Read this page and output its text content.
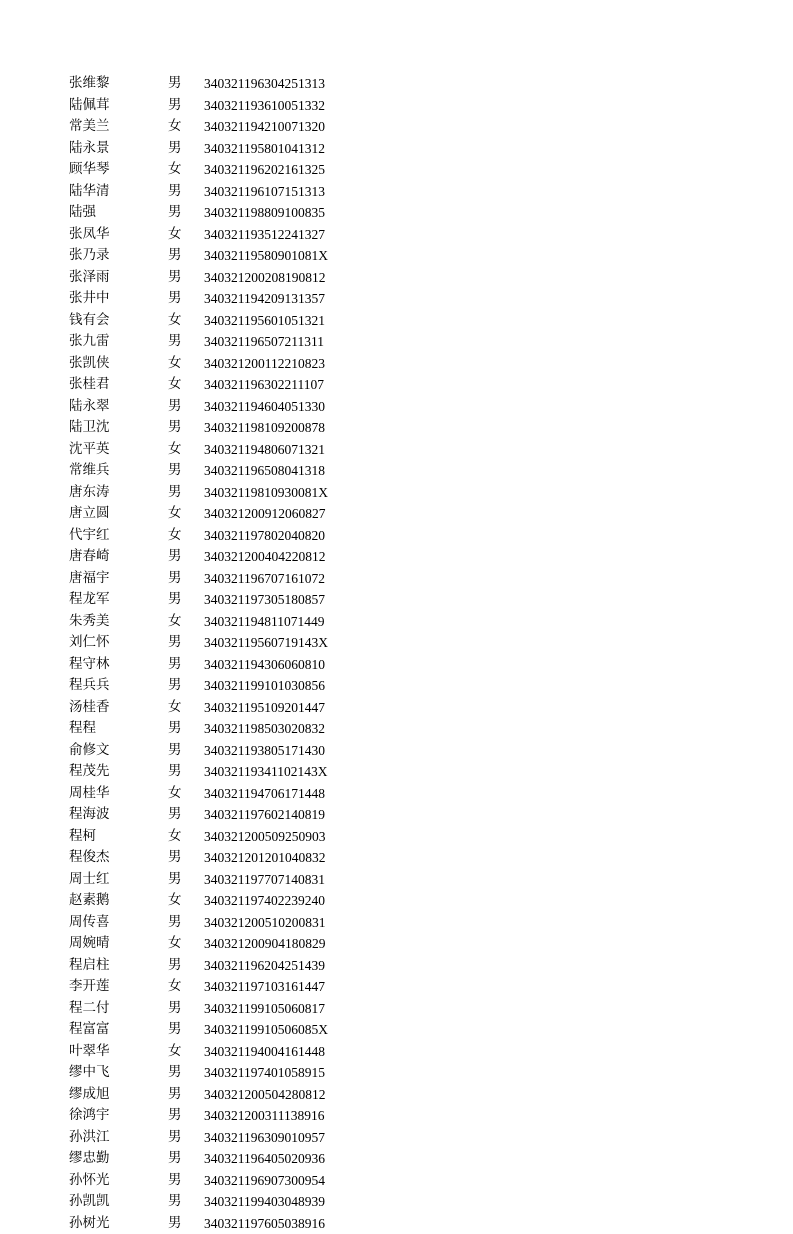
张维黎	男 340321196304251313
陆佩茸	男 340321193610051332
常美兰	女 340321194210071320
陆永景	男 340321195801041312
顾华琴	女 340321196202161325
陆华清	男 340321196107151313
陆强	男 340321198809100835
张凤华	女 340321193512241327
张乃录	男 34032119580901081X
张泽雨	男 340321200208190812
张井中	男 340321194209131357
钱有会	女 340321195601051321
张九雷	男 340321196507211311
张凯侠	女 340321200112210823
张桂君	女 340321196302211107
陆永翠	男 340321194604051330
陆卫沈	男 340321198109200878
沈平英	女 340321194806071321
常维兵	男 340321196508041318
唐东涛	男 34032119810930081X
唐立圆	女 340321200912060827
代宇红	女 340321197802040820
唐春崎	男 340321200404220812
唐福宇	男 340321196707161072
程龙军	男 340321197305180857
朱秀美	女 340321194811071449
刘仁怀	男 34032119560719143X
程守林	男 340321194306060810
程兵兵	男 340321199101030856
汤桂香	女 340321195109201447
程程	男 340321198503020832
俞修文	男 340321193805171430
程茂先	男 34032119341102143X
周桂华	女 340321194706171448
程海波	男 340321197602140819
程柯	女 340321200509250903
程俊杰	男 340321201201040832
周士红	男 340321197707140831
赵素鹅	女 340321197402239240
周传喜	男 340321200510200831
周婉晴	女 340321200904180829
程启柱	男 340321196204251439
李开莲	女 340321197103161447
程二付	男 340321199105060817
程富富	男 34032119910506085X
叶翠华	女 340321194004161448
缪中飞	男 340321197401058915
缪成旭	男 340321200504280812
徐鸿宇	男 340321200311138916
孙洪江	男 340321196309010957
缪忠勤	男 340321196405020936
孙怀光	男 340321196907300954
孙凯凯	男 340321199403048939
孙树光	男 340321197605038916
